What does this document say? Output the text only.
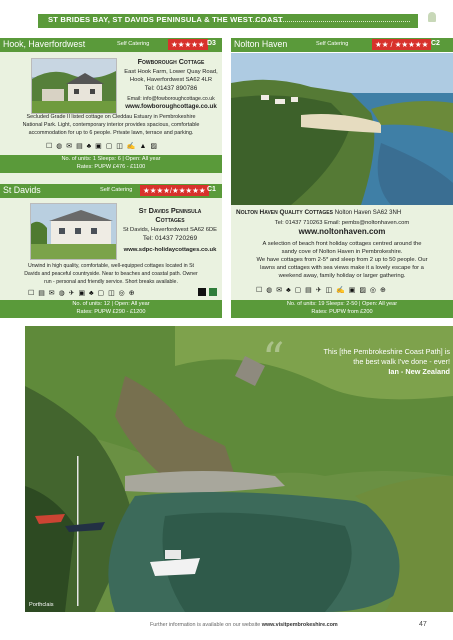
ST BRIDES BAY, ST DAVIDS PENINSULA & THE WEST COAST
Hook, Haverfordwest	Self Catering	★★★★★ D3
Fowborough Cottage
East Hook Farm, Lower Quay Road,
Hook, Haverfordwest SA62 4LR
Tel: 01437 890786
Email: info@fowboroughcottage.co.uk
www.fowboroughcottage.co.uk
Secluded Grade II listed cottage on Cleddau Estuary in Pembrokeshire
National Park. Light, contemporary interior provides spacious, comfortable
accommodation for up to 6 people. Private lawn, terrace and parking.
☐ ◍ ✉ ▤ ♣ ▣ ▢ ◫ ✍ ▲ ▨
No. of units: 1 Sleeps: 6 | Open: All year
Rates: PUPW £476 - £1100
Nolton Haven	Self Catering	★★ / ★★★★★ C2
St Davids	Self Catering	★★★★/★★★★★ C1
St Davids Peninsula
Cottages
St Davids, Haverfordwest SA62 6DE
Tel: 01437 720269
www.sdpc-holidaycottages.co.uk
Unwind in high quality, comfortable, well-equipped cottages located in St
Davids and peaceful countryside. Near to beaches and coastal path. Owner
run - personal and friendly service. Short breaks available.
☐ ▤ ✉ ◍ ✈ ▣ ♣ ▢ ◫ ◎ ⊕
No. of units: 12 | Open: All year
Rates: PUPW £290 - £1200
Nolton Haven Quality Cottages Nolton Haven SA62 3NH
Tel: 01437 710263 Email: pembs@noltonhaven.com
www.noltonhaven.com
A selection of beach front holiday cottages centred around the
sandy cove of Nolton Haven in Pembrokeshire.
We have cottages from 2-5* and sleep from 2 up to 50 people. Our
lawns and cottages with sea views make it a lovely escape for a
weekend away, family holiday or larger gathering.
☐ ◍ ✉ ♣ ▢ ▤ ✈ ◫ ✍ ▣ ▨ ◎ ⊕
No. of units: 19 Sleeps: 2-50 | Open: All year
Rates: PUPW from £200
“	This [the Pembrokeshire Coast Path] is
the best walk I've done - ever!
Ian - New Zealand
Porthclais
Further information is available on our website www.visitpembrokeshire.com	47
